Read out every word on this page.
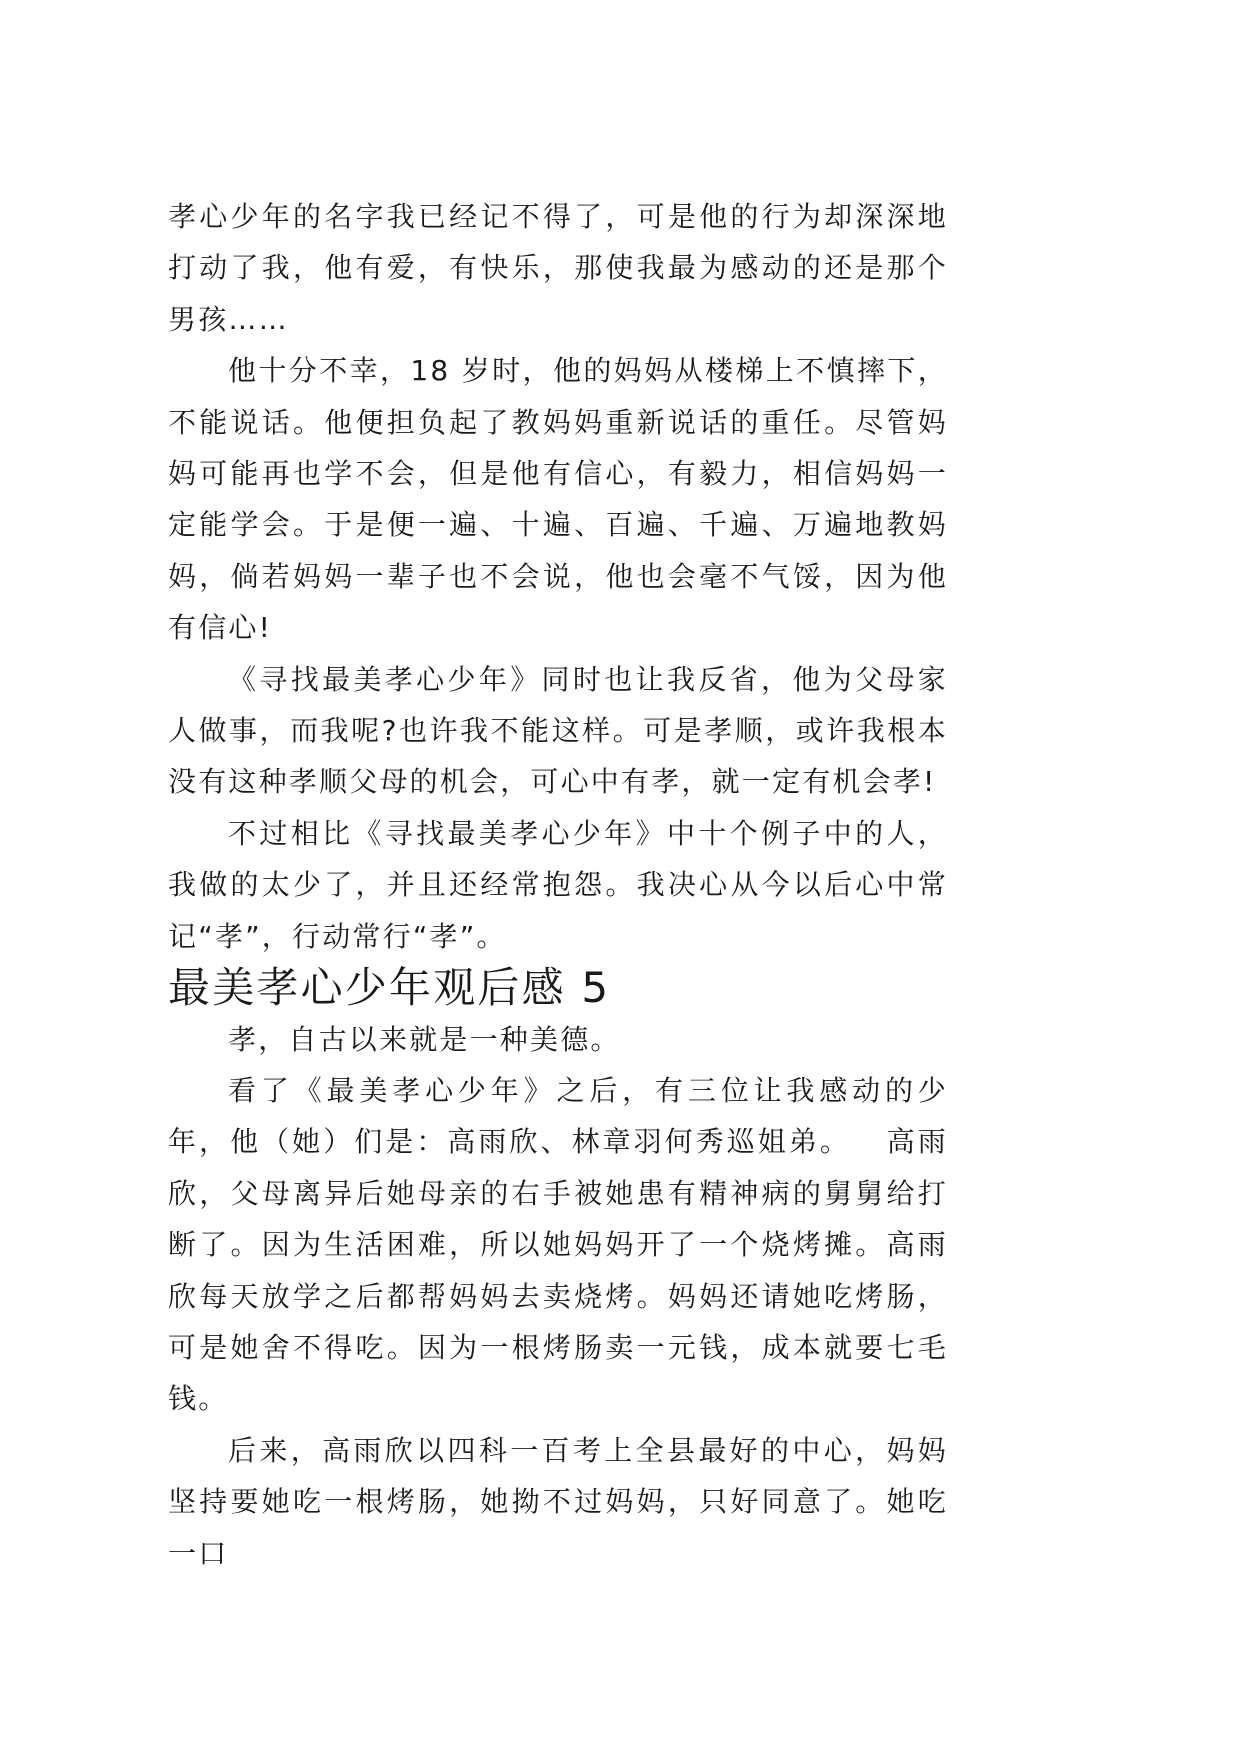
孝心少年的名字我已经记不得了，可是他的行为却深深地打动了我，他有爱，有快乐，那使我最为感动的还是那个男孩……

他十分不幸，18 岁时，他的妈妈从楼梯上不慎摔下，不能说话。他便担负起了教妈妈重新说话的重任。尽管妈妈可能再也学不会，但是他有信心，有毅力，相信妈妈一定能学会。于是便一遍、十遍、百遍、千遍、万遍地教妈妈，倘若妈妈一辈子也不会说，他也会毫不气馁，因为他有信心!

《寻找最美孝心少年》同时也让我反省，他为父母家人做事，而我呢?也许我不能这样。可是孝顺，或许我根本没有这种孝顺父母的机会，可心中有孝，就一定有机会孝!

不过相比《寻找最美孝心少年》中十个例子中的人，我做的太少了，并且还经常抱怨。我决心从今以后心中常记“孝”，行动常行“孝”。

最美孝心少年观后感 5

孝，自古以来就是一种美德。

看了《最美孝心少年》之后，有三位让我感动的少年，他（她）们是：高雨欣、林章羽何秀巡姐弟。   高雨欣，父母离异后她母亲的右手被她患有精神病的舅舅给打断了。因为生活困难，所以她妈妈开了一个烧烤摊。高雨欣每天放学之后都帮妈妈去卖烧烤。妈妈还请她吃烤肠，可是她舍不得吃。因为一根烤肠卖一元钱，成本就要七毛钱。

后来，高雨欣以四科一百考上全县最好的中心，妈妈坚持要她吃一根烤肠，她拗不过妈妈，只好同意了。她吃一口
